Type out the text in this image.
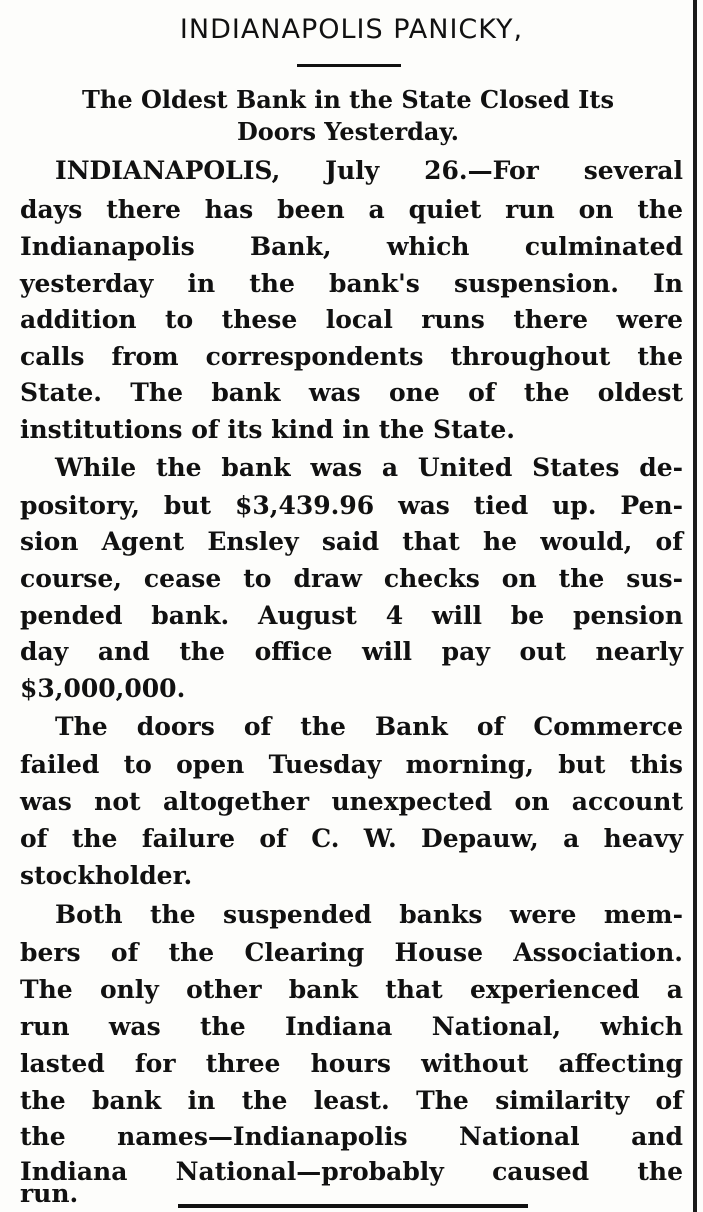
INDIANAPOLIS PANICKY,
The Oldest Bank in the State Closed Its
Doors Yesterday.
INDIANAPOLIS, July 26.—For several
days there has been a quiet run on the
Indianapolis Bank, which culminated
yesterday in the bank's suspension. In
addition to these local runs there were
calls from correspondents throughout the
State. The bank was one of the oldest
institutions of its kind in the State.
While the bank was a United States de-
pository, but $3,439.96 was tied up. Pen-
sion Agent Ensley said that he would, of
course, cease to draw checks on the sus-
pended bank. August 4 will be pension
day and the office will pay out nearly
$3,000,000.
The doors of the Bank of Commerce
failed to open Tuesday morning, but this
was not altogether unexpected on account
of the failure of C. W. Depauw, a heavy
stockholder.
Both the suspended banks were mem-
bers of the Clearing House Association.
The only other bank that experienced a
run was the Indiana National, which
lasted for three hours without affecting
the bank in the least. The similarity of
the names—Indianapolis National and
Indiana National—probably caused the
run.
